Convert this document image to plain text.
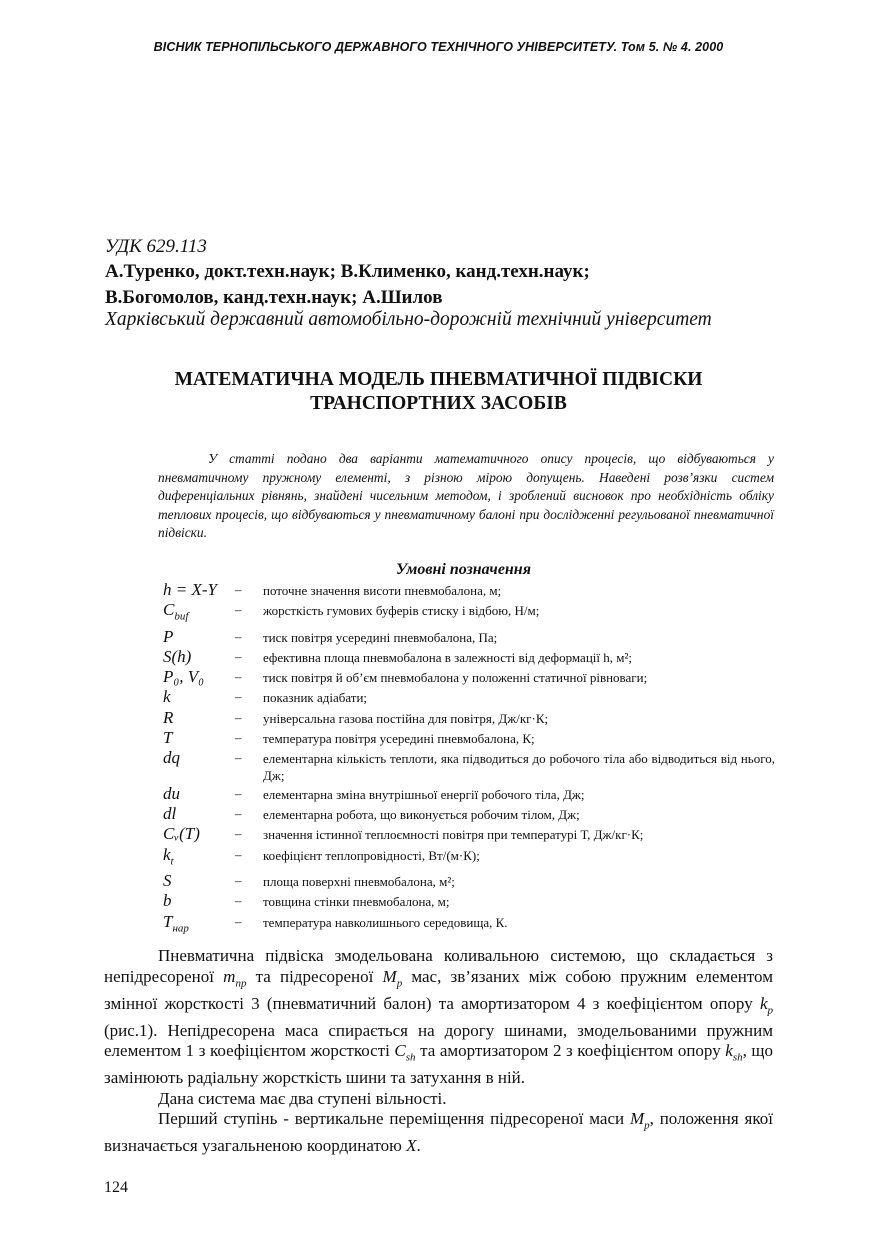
ВІСНИК ТЕРНОПІЛЬСЬКОГО ДЕРЖАВНОГО ТЕХНІЧНОГО УНІВЕРСИТЕТУ. Том 5. № 4. 2000
УДК 629.113
А.Туренко, докт.техн.наук; В.Клименко, канд.техн.наук;
В.Богомолов, канд.техн.наук; А.Шилов
Харківський державний автомобільно-дорожній технічний університет
МАТЕМАТИЧНА МОДЕЛЬ ПНЕВМАТИЧНОЇ ПІДВІСКИ
ТРАНСПОРТНИХ ЗАСОБІВ
У статті подано два варіанти математичного опису процесів, що відбуваються у пневматичному пружному елементі, з різною мірою допущень. Наведені розв’язки систем диференціальних рівнянь, знайдені чисельним методом, і зроблений висновок про необхідність обліку теплових процесів, що відбуваються у пневматичному балоні при дослідженні регульованої пневматичної підвіски.
Умовні позначення
h = X-Y	–	поточне значення висоти пневмобалона, м;
$C_{buf}$	–	жорсткість гумових буферів стиску і відбою, Н/м;
P	–	тиск повітря усередині пневмобалона, Па;
S(h)	–	ефективна площа пневмобалона в залежності від деформації h, м²;
P₀, V₀	–	тиск повітря й об’єм пневмобалона у положенні статичної рівноваги;
k	–	показник адіабати;
R	–	універсальна газова постійна для повітря, Дж/кг·К;
T	–	температура повітря усередині пневмобалона, К;
dq	–	елементарна кількість теплоти, яка підводиться до робочого тіла або відводиться від нього, Дж;
du	–	елементарна зміна внутрішньої енергії робочого тіла, Дж;
dl	–	елементарна робота, що виконується робочим тілом, Дж;
Cᵥ(T)	–	значення істинної теплоємності повітря при температурі Т, Дж/кг·К;
$k_t$	–	коефіцієнт теплопровідності, Вт/(м·К);
S	–	площа поверхні пневмобалона, м²;
b	–	товщина стінки пневмобалона, м;
$T_{нар}$	–	температура навколишнього середовища, К.

Пневматична підвіска змодельована коливальною системою, що складається з непідресореної $m_{пр}$ та підресореної $M_p$ мас, зв’язаних між собою пружним елементом змінної жорсткості 3 (пневматичний балон) та амортизатором 4 з коефіцієнтом опору $k_p$ (рис.1). Непідресорена маса спирається на дорогу шинами, змодельованими пружним елементом 1 з коефіцієнтом жорсткості $C_{sh}$ та амортизатором 2 з коефіцієнтом опору $k_{sh}$, що замінюють радіальну жорсткість шини та затухання в ній.

Дана система має два ступені вільності.

Перший ступінь - вертикальне переміщення підресореної маси $M_p$, положення якої визначається узагальненою координатою X.

124
